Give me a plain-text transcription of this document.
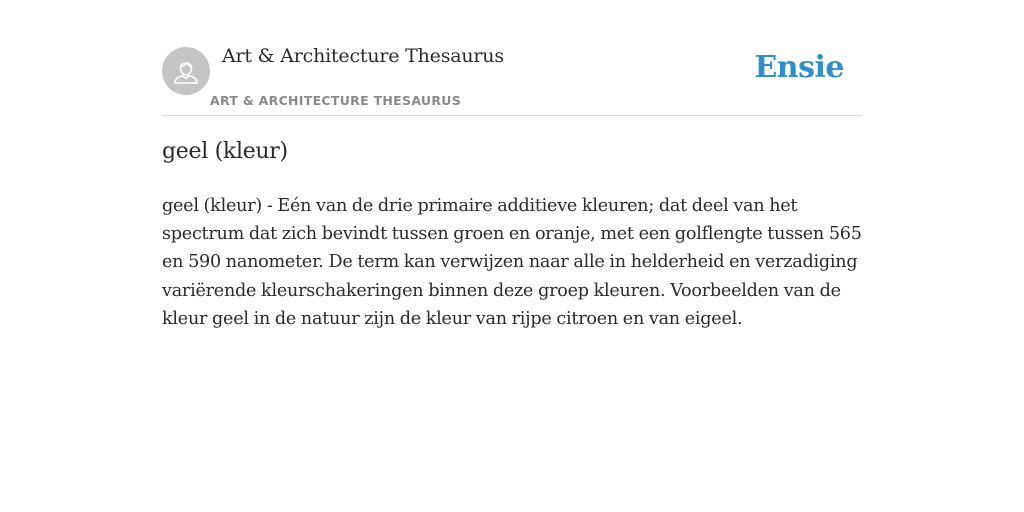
Art & Architecture Thesaurus
ART & ARCHITECTURE THESAURUS
Ensie
geel (kleur)

geel (kleur) - Eén van de drie primaire additieve kleuren; dat deel van het
spectrum dat zich bevindt tussen groen en oranje, met een golflengte tussen 565
en 590 nanometer. De term kan verwijzen naar alle in helderheid en verzadiging
variërende kleurschakeringen binnen deze groep kleuren. Voorbeelden van de
kleur geel in de natuur zijn de kleur van rijpe citroen en van eigeel.
